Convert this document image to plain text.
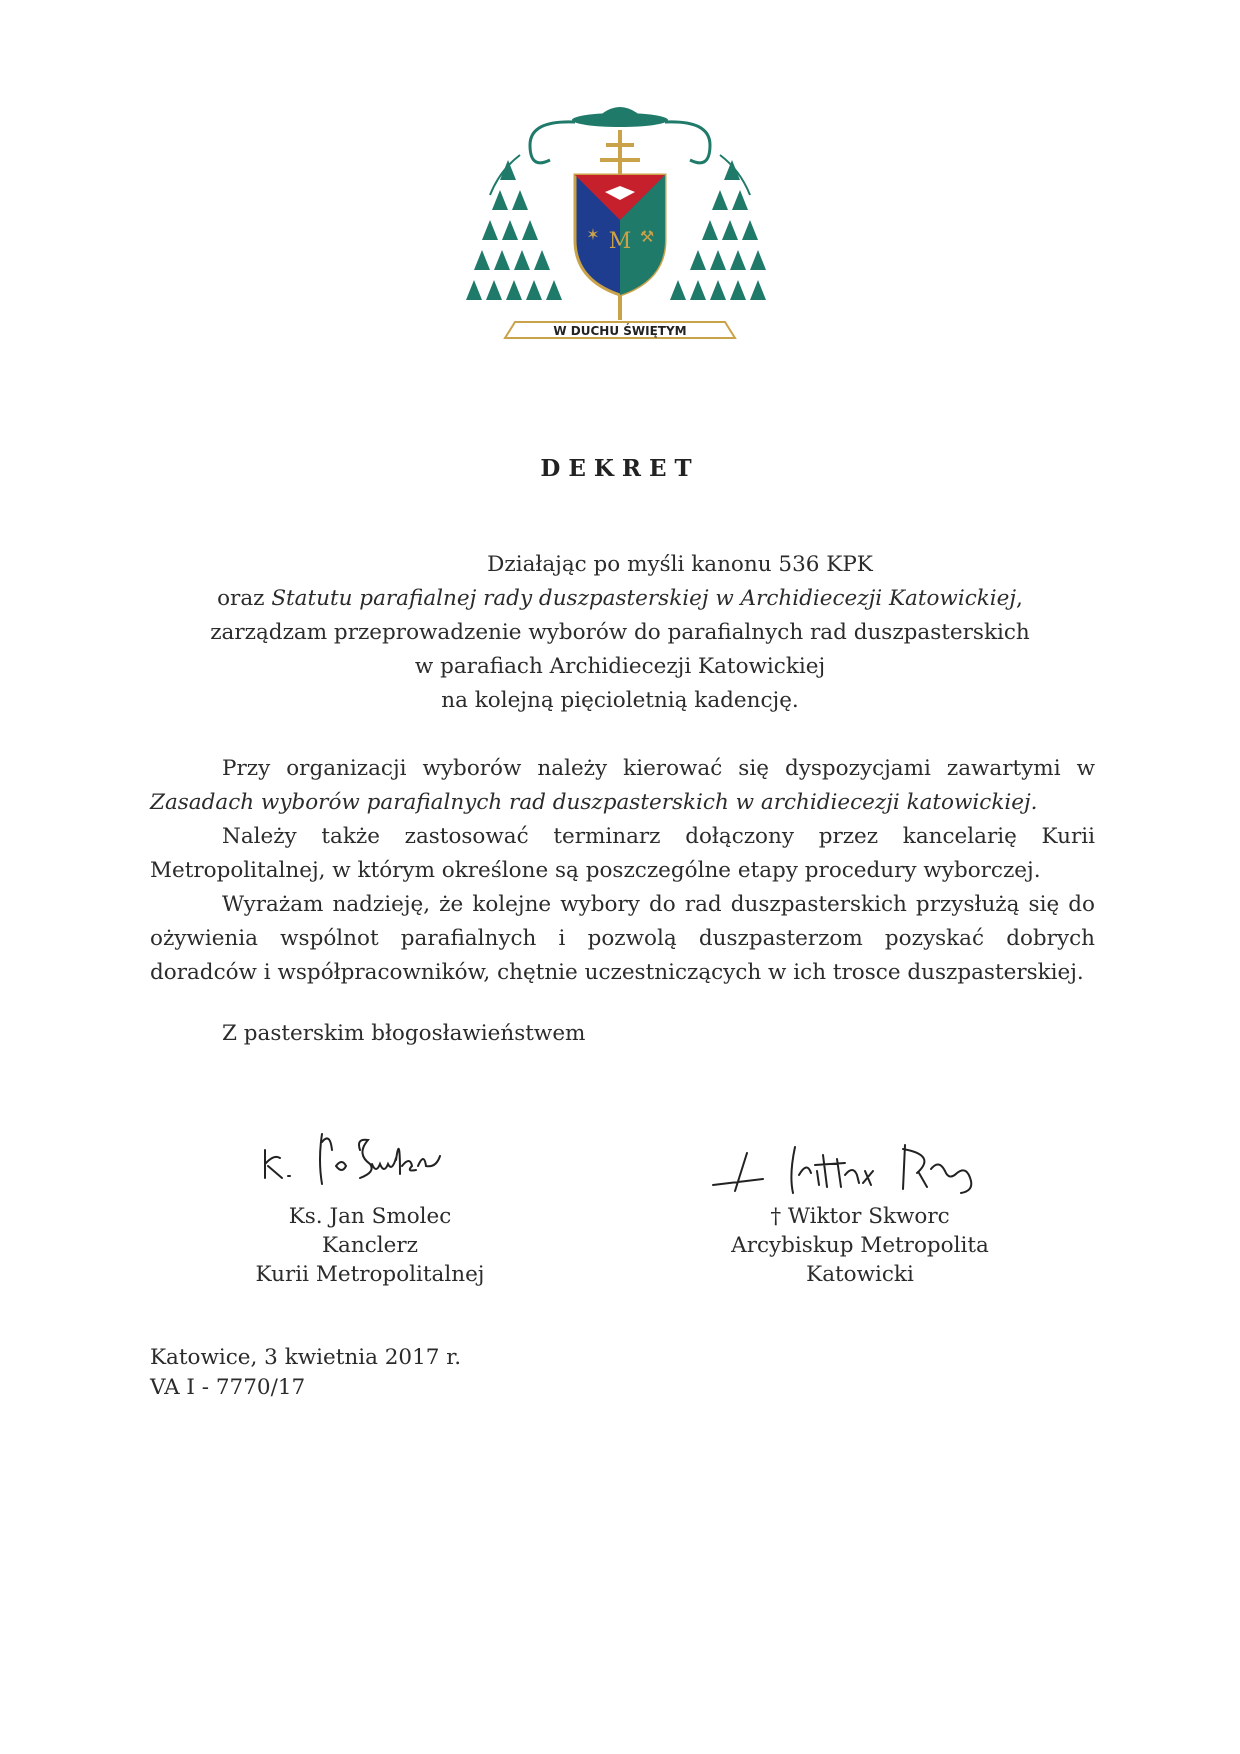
M
✶	⚒
W DUCHU ŚWIĘTYM
DEKRET
Działając po myśli kanonu 536 KPK
oraz Statutu parafialnej rady duszpasterskiej w Archidiecezji Katowickiej,
zarządzam przeprowadzenie wyborów do parafialnych rad duszpasterskich
w parafiach Archidiecezji Katowickiej
na kolejną pięcioletnią kadencję.
Przy organizacji wyborów należy kierować się dyspozycjami zawartymi w Zasadach wyborów parafialnych rad duszpasterskich w archidiecezji katowickiej.
Należy także zastosować terminarz dołączony przez kancelarię Kurii Metropolitalnej, w którym określone są poszczególne etapy procedury wyborczej.
Wyrażam nadzieję, że kolejne wybory do rad duszpasterskich przysłużą się do ożywienia wspólnot parafialnych i pozwolą duszpasterzom pozyskać dobrych doradców i współpracowników, chętnie uczestniczących w ich trosce duszpasterskiej.
Z pasterskim błogosławieństwem
Ks. Jan Smolec
Kanclerz
Kurii Metropolitalnej
† Wiktor Skworc
Arcybiskup Metropolita
Katowicki
Katowice, 3 kwietnia 2017 r.
VA I - 7770/17
